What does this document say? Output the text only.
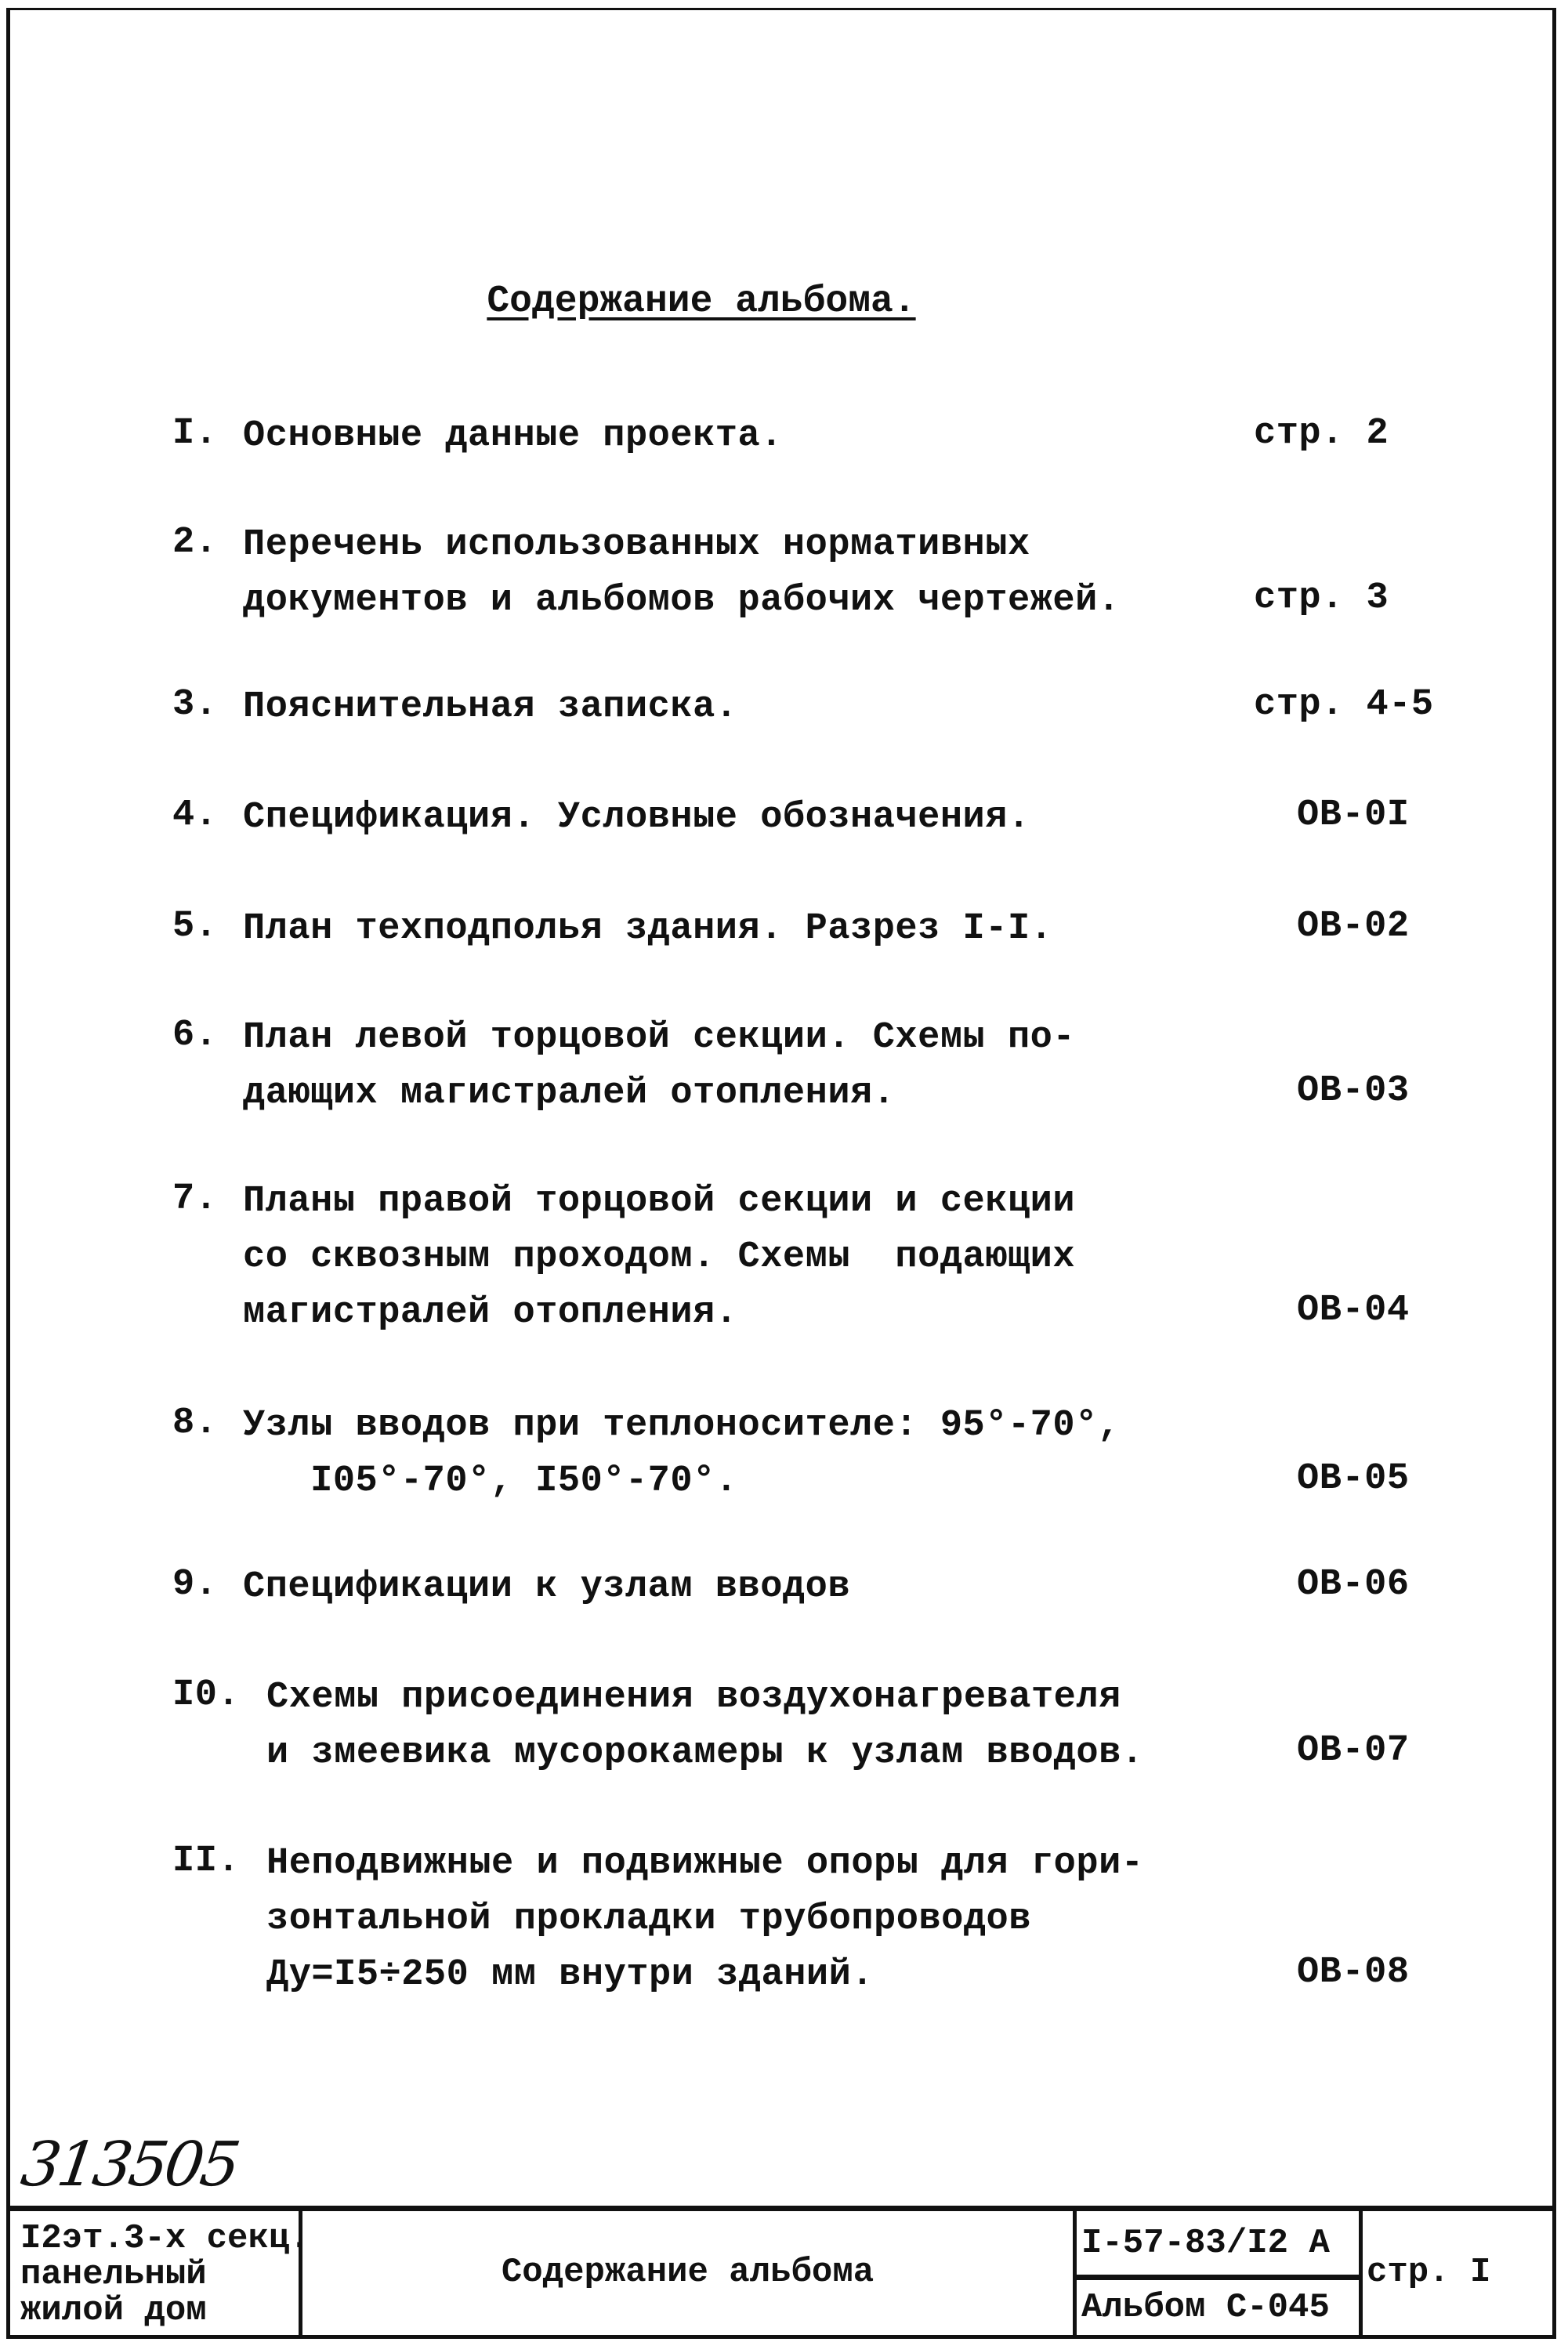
Содержание альбома.
I. Основные данные проекта.	стр. 2
2. Перечень использованных нормативных
документов и альбомов рабочих чертежей.	стр. 3
3. Пояснительная записка.	стр. 4-5
4. Спецификация. Условные обозначения.	ОВ-0I
5. План техподполья здания. Разрез I-I.	ОВ-02
6. План левой торцовой секции. Схемы по-
дающих магистралей отопления.	ОВ-03
7. Планы правой торцовой секции и секции
со сквозным проходом. Схемы  подающих
магистралей отопления.	ОВ-04
8. Узлы вводов при теплоносителе: 95°-70°,
I05°-70°, I50°-70°.	ОВ-05
9. Спецификации к узлам вводов	ОВ-06
I0. Схемы присоединения воздухонагревателя
и змеевика мусорокамеры к узлам вводов.	ОВ-07
II. Неподвижные и подвижные опоры для гори-
зонтальной прокладки трубопроводов
Ду=I5÷250 мм внутри зданий.	ОВ-08
313505
I2эт.3-х секц.
панельный
жилой дом
Содержание альбома
I-57-83/I2 А
Альбом С-045
стр. I
